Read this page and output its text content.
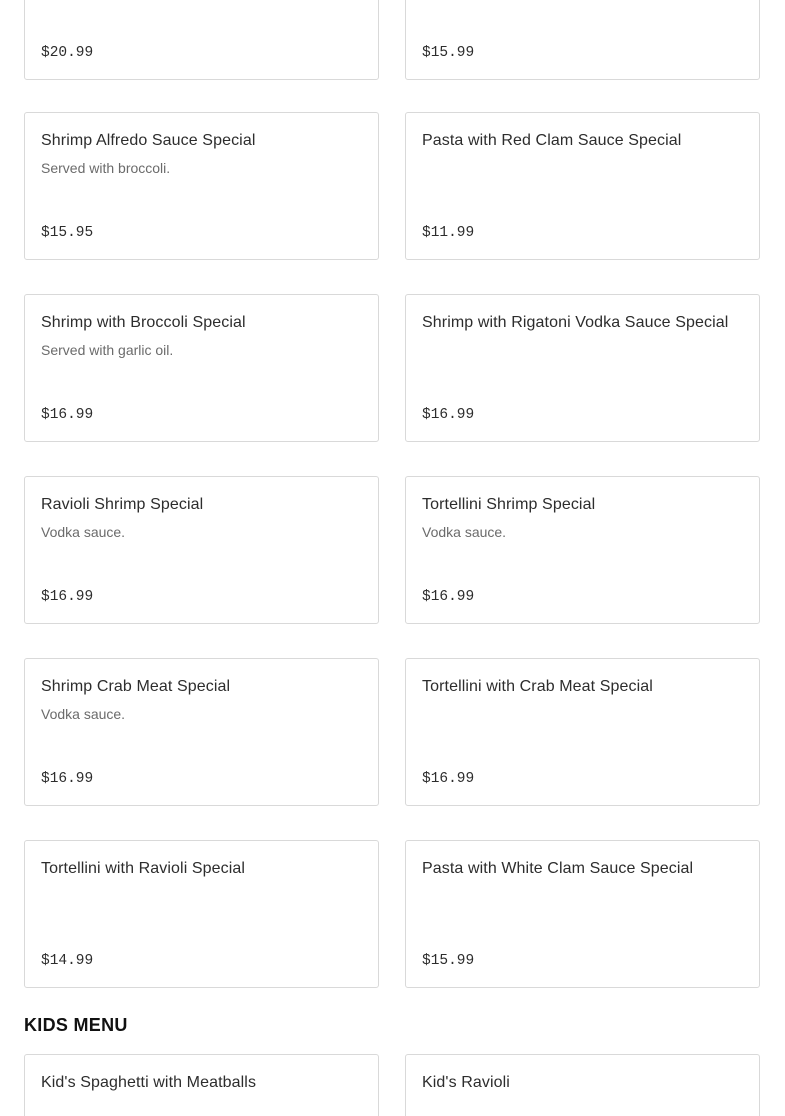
$20.99	$15.99
Shrimp Alfredo Sauce Special
Served with broccoli.
$15.95
Pasta with Red Clam Sauce Special
$11.99
Shrimp with Broccoli Special
Served with garlic oil.
$16.99
Shrimp with Rigatoni Vodka Sauce Special
$16.99
Ravioli Shrimp Special
Vodka sauce.
$16.99
Tortellini Shrimp Special
Vodka sauce.
$16.99
Shrimp Crab Meat Special
Vodka sauce.
$16.99
Tortellini with Crab Meat Special
$16.99
Tortellini with Ravioli Special
$14.99
Pasta with White Clam Sauce Special
$15.99
KIDS MENU
Kid's Spaghetti with Meatballs	Kid's Ravioli
